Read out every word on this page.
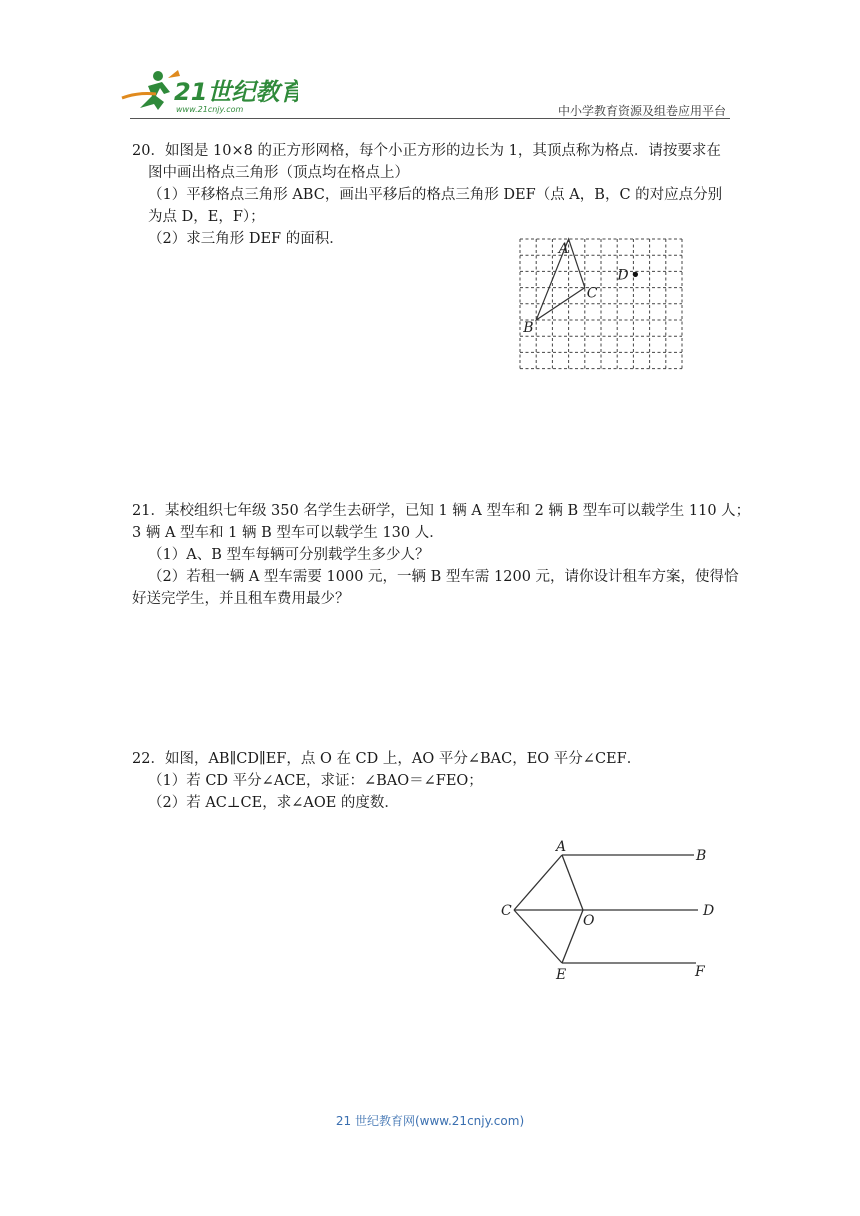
21世纪教育
www.21cnjy.com	中小学教育资源及组卷应用平台
20．如图是 10×8 的正方形网格，每个小正方形的边长为 1，其顶点称为格点．请按要求在
图中画出格点三角形（顶点均在格点上）
（1）平移格点三角形 ABC，画出平移后的格点三角形 DEF（点 A，B，C 的对应点分别
为点 D，E，F）；
（2）求三角形 DEF 的面积．
A
B
C
D
21．某校组织七年级 350 名学生去研学，已知 1 辆 A 型车和 2 辆 B 型车可以载学生 110 人；
3 辆 A 型车和 1 辆 B 型车可以载学生 130 人．
（1）A、B 型车每辆可分别载学生多少人？
（2）若租一辆 A 型车需要 1000 元，一辆 B 型车需 1200 元，请你设计租车方案，使得恰
好送完学生，并且租车费用最少？
22．如图，AB∥CD∥EF，点 O 在 CD 上，AO 平分∠BAC，EO 平分∠CEF．
（1）若 CD 平分∠ACE，求证：∠BAO＝∠FEO；
（2）若 AC⊥CE，求∠AOE 的度数．
A
B
C	D
O
E	F
21 世纪教育网(www.21cnjy.com)
